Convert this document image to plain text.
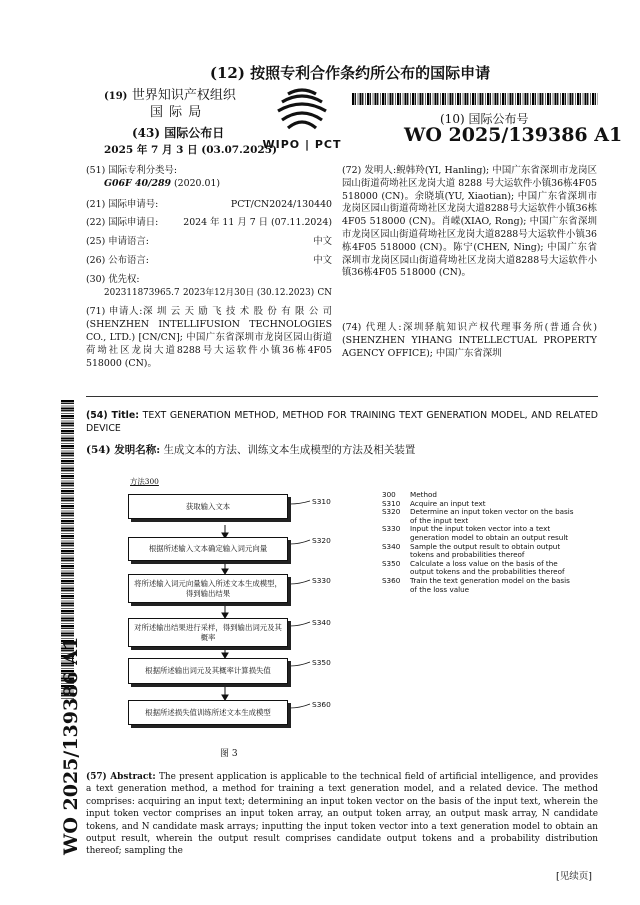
(12) 按照专利合作条约所公布的国际申请
(19) 世界知识产权组织
国 际 局
(43) 国际公布日
2025 年 7 月 3 日 (03.07.2025)
WIPO | PCT
(10) 国际公布号
WO 2025/139386 A1
(51) 国际专利分类号:
G06F 40/289 (2020.01)
(21) 国际申请号:	PCT/CN2024/130440
(22) 国际申请日:	2024 年 11 月 7 日 (07.11.2024)
(25) 申请语言:	中文
(26) 公布语言:	中文
(30) 优先权:
202311873965.7 2023年12月30日 (30.12.2023) CN
(71) 申请人:深 圳 云 天 励 飞 技 术 股 份 有 限 公 司(SHENZHEN INTELLIFUSION TECHNOLOGIES CO., LTD.) [CN/CN]; 中国广东省深圳市龙岗区园山街道荷坳社区龙岗大道8288号大运软件小镇36栋4F05 518000 (CN)。
(72) 发明人:鲵韩羚(YI, Hanling); 中国广东省深圳市龙岗区园山街道荷坳社区龙岗大道 8288 号大运软件小镇36栋4F05 518000 (CN)。余晓填(YU, Xiaotian); 中国广东省深圳市龙岗区园山街道荷坳社区龙岗大道8288号大运软件小镇36栋4F05 518000 (CN)。肖嵘(XIAO, Rong); 中国广东省深圳市龙岗区园山街道荷坳社区龙岗大道8288号大运软件小镇36栋4F05 518000 (CN)。陈宁(CHEN, Ning); 中国广东省深圳市龙岗区园山街道荷坳社区龙岗大道8288号大运软件小镇36栋4F05 518000 (CN)。
(74) 代理人:深圳驿航知识产权代理事务所(普通合伙) (SHENZHEN YIHANG INTELLECTUAL PROPERTY AGENCY OFFICE); 中国广东省深圳
WO 2025/139386 A1
(54) Title: TEXT GENERATION METHOD, METHOD FOR TRAINING TEXT GENERATION MODEL, AND RELATED DEVICE
(54) 发明名称: 生成文本的方法、训练文本生成模型的方法及相关装置
方法300
获取输入文本	S310
根据所述输入文本确定输入词元向量
S320
将所述输入词元向量输入所述文本生成模型，得到输出结果
S330
对所述输出结果进行采样，得到输出词元及其概率
S340
根据所述输出词元及其概率计算损失值
S350
根据所述损失值训练所述文本生成模型
S360
图 3
300	Method
S310	Acquire an input text
S320	Determine an input token vector on the basis of the input text
S330	Input the input token vector into a text generation model to obtain an output result
S340	Sample the output result to obtain output tokens and probabilities thereof
S350	Calculate a loss value on the basis of the output tokens and the probabilities thereof
S360	Train the text generation model on the basis of the loss value
(57) Abstract: The present application is applicable to the technical field of artificial intelligence, and provides a text generation method, a method for training a text generation model, and a related device. The method comprises: acquiring an input text; determining an input token vector on the basis of the input text, wherein the input token vector comprises an input token array, an output token array, an output mask array, N candidate tokens, and N candidate mask arrays; inputting the input token vector into a text generation model to obtain an output result, wherein the output result comprises candidate output tokens and a probability distribution thereof; sampling the
[见续页]
